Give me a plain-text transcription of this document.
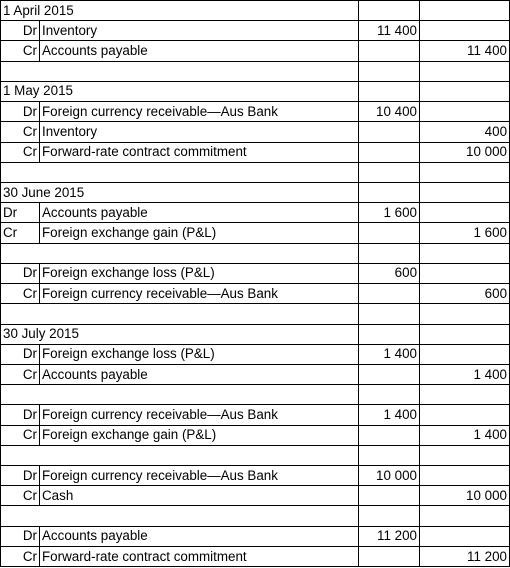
1 April 2015			
Dr	Inventory	11 400	
Cr	Accounts payable		11 400

1 May 2015			
Dr	Foreign currency receivable—Aus Bank	10 400	
Cr	Inventory		400
Cr	Forward-rate contract commitment		10 000

30 June 2015			
Dr	Accounts payable	1 600	
Cr	Foreign exchange gain (P&L)		1 600

Dr	Foreign exchange loss (P&L)	600	
Cr	Foreign currency receivable—Aus Bank		600

30 July 2015			
Dr	Foreign exchange loss (P&L)	1 400	
Cr	Accounts payable		1 400

Dr	Foreign currency receivable—Aus Bank	1 400	
Cr	Foreign exchange gain (P&L)		1 400

Dr	Foreign currency receivable—Aus Bank	10 000	
Cr	Cash		10 000

Dr	Accounts payable	11 200	
Cr	Forward-rate contract commitment		11 200
